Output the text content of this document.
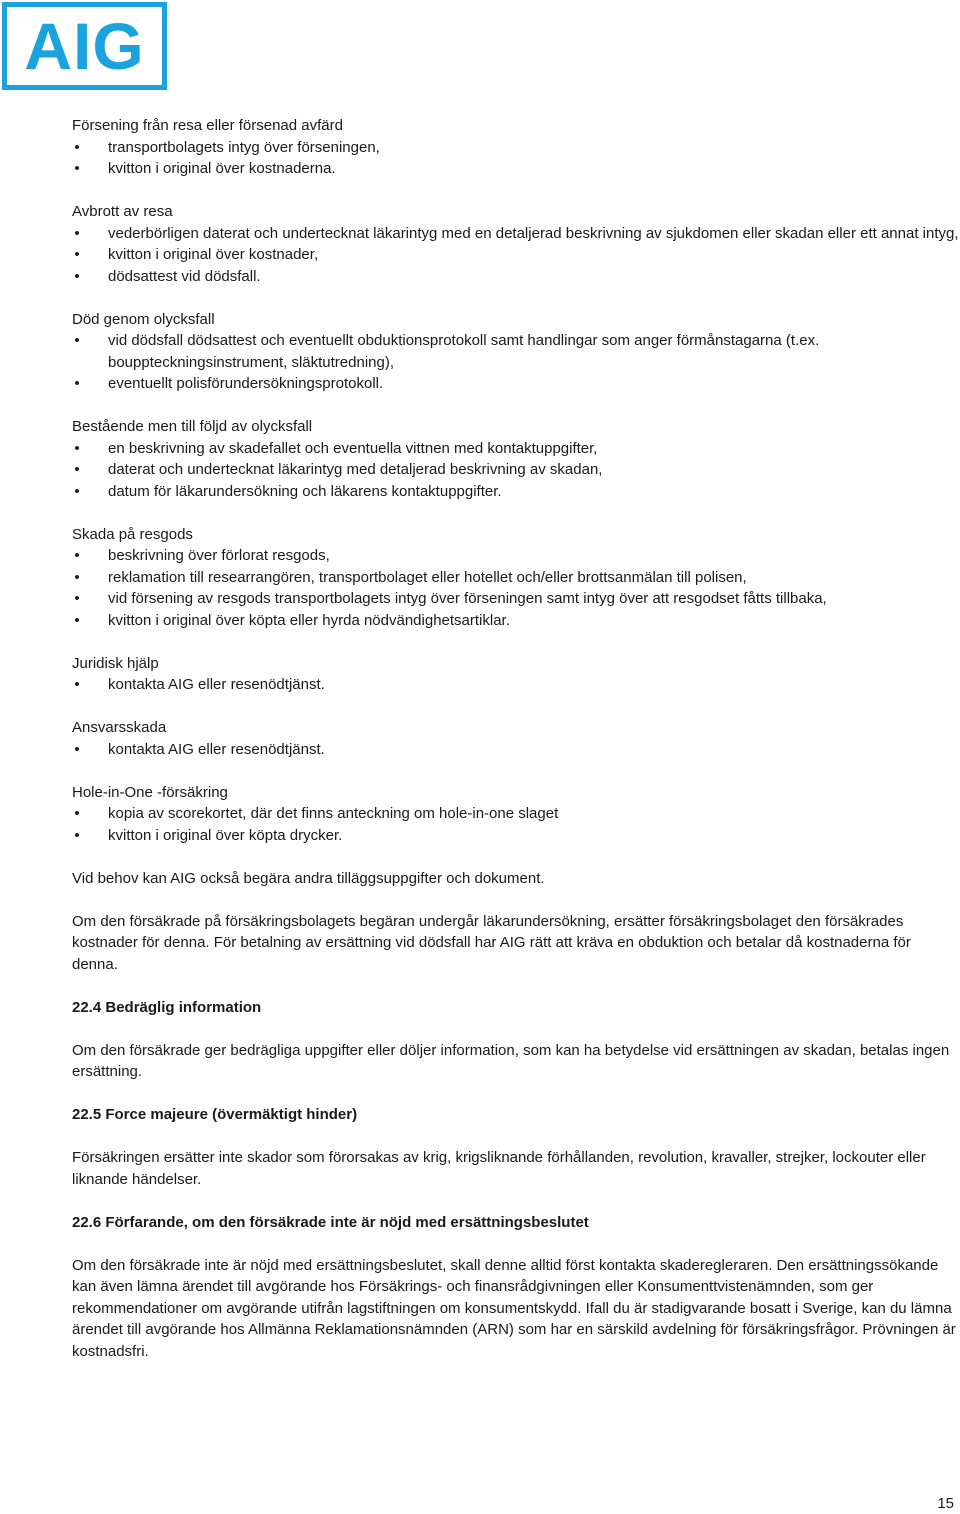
AIG
Försening från resa eller försenad avfärd
• transportbolagets intyg över förseningen,
• kvitton i original över kostnaderna.
Avbrott av resa
• vederbörligen daterat och undertecknat läkarintyg med en detaljerad beskrivning av sjukdomen eller skadan eller ett annat intyg,
• kvitton i original över kostnader,
• dödsattest vid dödsfall.
Död genom olycksfall
• vid dödsfall dödsattest och eventuellt obduktionsprotokoll samt handlingar som anger förmånstagarna (t.ex. bouppteckningsinstrument, släktutredning),
• eventuellt polisförundersökningsprotokoll.
Bestående men till följd av olycksfall
• en beskrivning av skadefallet och eventuella vittnen med kontaktuppgifter,
• daterat och undertecknat läkarintyg med detaljerad beskrivning av skadan,
• datum för läkarundersökning och läkarens kontaktuppgifter.
Skada på resgods
• beskrivning över förlorat resgods,
• reklamation till researrangören, transportbolaget eller hotellet och/eller brottsanmälan till polisen,
• vid försening av resgods transportbolagets intyg över förseningen samt intyg över att resgodset fåtts tillbaka,
• kvitton i original över köpta eller hyrda nödvändighetsartiklar.
Juridisk hjälp
• kontakta AIG eller resenödtjänst.
Ansvarsskada
• kontakta AIG eller resenödtjänst.
Hole-in-One -försäkring
• kopia av scorekortet, där det finns anteckning om hole-in-one slaget
• kvitton i original över köpta drycker.

Vid behov kan AIG också begära andra tilläggsuppgifter och dokument.

Om den försäkrade på försäkringsbolagets begäran undergår läkarundersökning, ersätter försäkringsbolaget den försäkrades kostnader för denna. För betalning av ersättning vid dödsfall har AIG rätt att kräva en obduktion och betalar då kostnaderna för denna.

22.4 Bedräglig information

Om den försäkrade ger bedrägliga uppgifter eller döljer information, som kan ha betydelse vid ersättningen av skadan, betalas ingen ersättning.

22.5 Force majeure (övermäktigt hinder)

Försäkringen ersätter inte skador som förorsakas av krig, krigsliknande förhållanden, revolution, kravaller, strejker, lockouter eller liknande händelser.

22.6 Förfarande, om den försäkrade inte är nöjd med ersättningsbeslutet

Om den försäkrade inte är nöjd med ersättningsbeslutet, skall denne alltid först kontakta skaderegleraren. Den ersättningssökande kan även lämna ärendet till avgörande hos Försäkrings- och finansrådgivningen eller Konsumenttvistenämnden, som ger rekommendationer om avgörande utifrån lagstiftningen om konsumentskydd. Ifall du är stadigvarande bosatt i Sverige, kan du lämna ärendet till avgörande hos Allmänna Reklamationsnämnden (ARN) som har en särskild avdelning för försäkringsfrågor. Prövningen är kostnadsfri.

15
